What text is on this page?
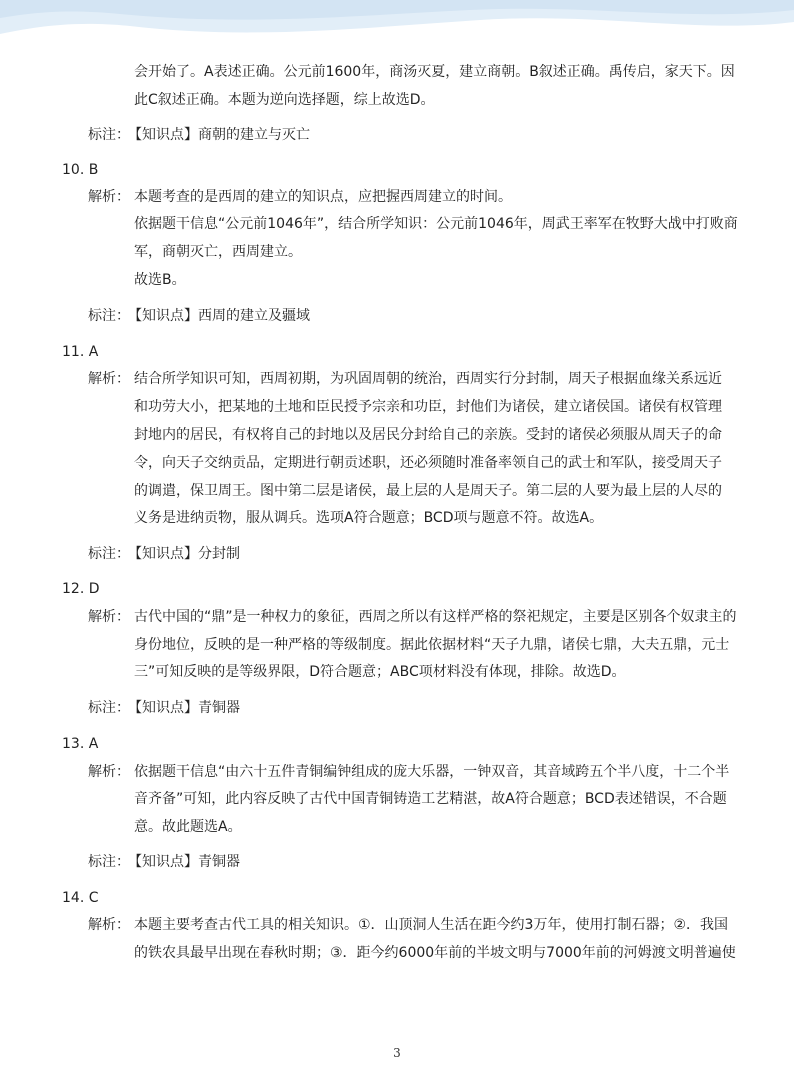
会开始了。A表述正确。公元前1600年，商汤灭夏，建立商朝。B叙述正确。禹传启，家天下。因
此C叙述正确。本题为逆向选择题，综上故选D。
标注：
【知识点】商朝的建立与灭亡
10. B
解析： 本题考查的是西周的建立的知识点，应把握西周建立的时间。
依据题干信息“公元前1046年”，结合所学知识：公元前1046年，周武王率军在牧野大战中打败商
军，商朝灭亡，西周建立。
故选B。
标注：
【知识点】西周的建立及疆域
11. A
解析： 结合所学知识可知，西周初期，为巩固周朝的统治，西周实行分封制，周天子根据血缘关系远近
和功劳大小，把某地的土地和臣民授予宗亲和功臣，封他们为诸侯，建立诸侯国。诸侯有权管理
封地内的居民，有权将自己的封地以及居民分封给自己的亲族。受封的诸侯必须服从周天子的命
令，向天子交纳贡品，定期进行朝贡述职，还必须随时准备率领自己的武士和军队，接受周天子
的调遣，保卫周王。图中第二层是诸侯，最上层的人是周天子。第二层的人要为最上层的人尽的
义务是进纳贡物，服从调兵。选项A符合题意；BCD项与题意不符。故选A。
标注：
【知识点】分封制
12. D
解析： 古代中国的“鼎”是一种权力的象征，西周之所以有这样严格的祭祀规定，主要是区别各个奴隶主的
身份地位，反映的是一种严格的等级制度。据此依据材料“天子九鼎，诸侯七鼎，大夫五鼎，元士
三”可知反映的是等级界限，D符合题意；ABC项材料没有体现，排除。故选D。
标注：
【知识点】青铜器
13. A
解析： 依据题干信息“由六十五件青铜编钟组成的庞大乐器，一钟双音，其音域跨五个半八度，十二个半
音齐备”可知，此内容反映了古代中国青铜铸造工艺精湛，故A符合题意；BCD表述错误，不合题
意。故此题选A。
标注：
【知识点】青铜器
14. C
解析： 本题主要考查古代工具的相关知识。①．山顶洞人生活在距今约3万年，使用打制石器；②．我国
的铁农具最早出现在春秋时期；③．距今约6000年前的半坡文明与7000年前的河姆渡文明普遍使
3
